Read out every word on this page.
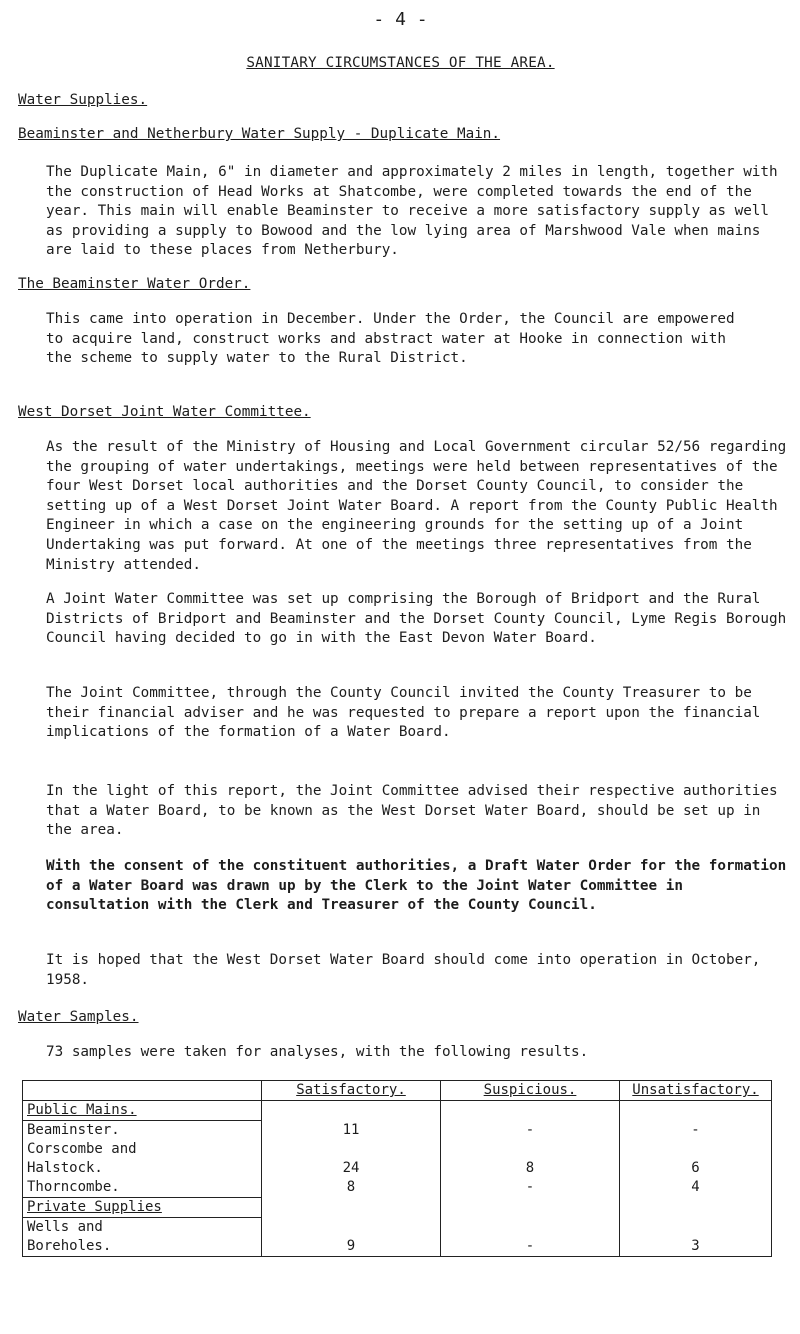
- 4 -
SANITARY CIRCUMSTANCES OF THE AREA.
Water Supplies.
Beaminster and Netherbury Water Supply - Duplicate Main.

The Duplicate Main, 6" in diameter and approximately 2 miles in length, together with the construction of Head Works at Shatcombe, were completed towards the end of the year. This main will enable Beaminster to receive a more satisfactory supply as well as providing a supply to Bowood and the low lying area of Marshwood Vale when mains are laid to these places from Netherbury.

The Beaminster Water Order.

This came into operation in December. Under the Order, the Council are empowered to acquire land, construct works and abstract water at Hooke in connection with the scheme to supply water to the Rural District.

West Dorset Joint Water Committee.

As the result of the Ministry of Housing and Local Government circular 52/56 regarding the grouping of water undertakings, meetings were held between representatives of the four West Dorset local authorities and the Dorset County Council, to consider the setting up of a West Dorset Joint Water Board. A report from the County Public Health Engineer in which a case on the engineering grounds for the setting up of a Joint Undertaking was put forward. At one of the meetings three representatives from the Ministry attended.

A Joint Water Committee was set up comprising the Borough of Bridport and the Rural Districts of Bridport and Beaminster and the Dorset County Council, Lyme Regis Borough Council having decided to go in with the East Devon Water Board.

The Joint Committee, through the County Council invited the County Treasurer to be their financial adviser and he was requested to prepare a report upon the financial implications of the formation of a Water Board.

In the light of this report, the Joint Committee advised their respective authorities that a Water Board, to be known as the West Dorset Water Board, should be set up in the area.

With the consent of the constituent authorities, a Draft Water Order for the formation of a Water Board was drawn up by the Clerk to the Joint Water Committee in consultation with the Clerk and Treasurer of the County Council.

It is hoped that the West Dorset Water Board should come into operation in October, 1958.

Water Samples.

73 samples were taken for analyses, with the following results.

	Satisfactory.	Suspicious.	Unsatisfactory.
Public Mains.			
Beaminster.	11	-	-
Corscombe and			
Halstock.	24	8	6
Thorncombe.	8	-	4
Private Supplies			
Wells and			
Boreholes.	9	-	3
